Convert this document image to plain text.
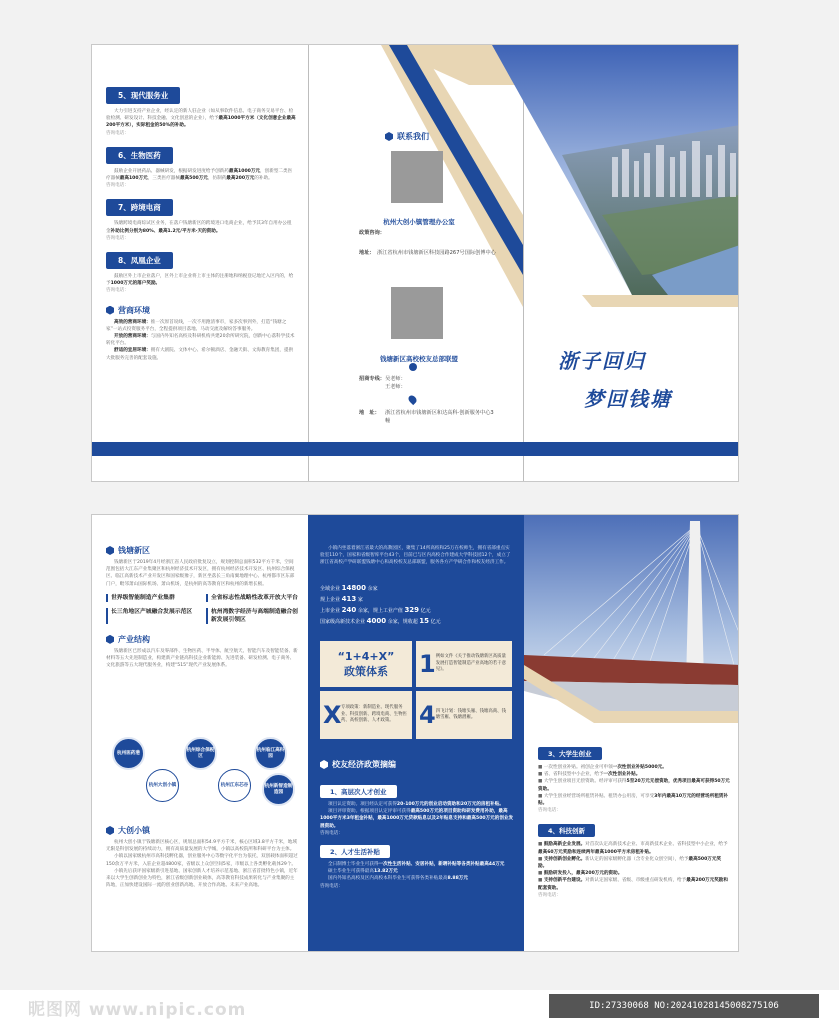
5、现代服务业
大力引进支持产业企业，经认定的新人驻企业（如从事软件信息、电子商务交易平台、检验检测、研发设计、科技金融、文化创意的企业），给予最高1000平方米（文化创意企业最高200平方米），实际租金的50%的补助。
咨询电话：
6、生物医药
鼓励企业开展药品、器械研发，根据研发进度给予创新药最高1000万元，创新型二类医疗器械最高100万元，三类医疗器械最高500万元，仿制药最高200万元的补助。
咨询电话：
7、跨境电商
钱塘跨境电商综试区业务，在落户钱塘新区的跨境进口电商企业，给予其3年自用办公租金补助比例分别为80%、最高1.2元/平方米·天的资助。
咨询电话：
8、凤凰企业
鼓励区外上市企业落户，区外上市企业将上市主体的注册地和纳税登记地迁入区内的，给予1000万元的落户奖励。
咨询电话：
营商环境
高效的营商环境：推一次原首说线，一次不用跑清事市，家多次事到外，打造“钱塘之家”一站式投资服务平台，全程提供项目落地、马动交流及解纷答事服务。
开放的营商环境：与国内外知名高校及科研机构共建20余所研究院，创新中心落科学技术转化平台。
舒适的宜居环境：拥有大剧院、文体中心、希尔顿酒店、金融天街、文海教育集团，提供大批服务完善的配套设施。
联系我们
杭州大创小镇管理办公室
政策咨询：
地址： 浙江省杭州市钱塘新区科技园路267号国际创博中心
钱塘新区高校校友总部联盟
招商专线： 吴老师：
王老师：
地　址：	浙江省杭州市钱塘新区和达高科·创新服务中心3幢
浙子回归
梦回钱塘
钱塘新区
钱塘新区于2019年4月经浙江省人民政府批复设立，规划控制总面积532平方千米，空间范围包括大江东产业集聚区和杭州经济技术开发区，拥有杭州经济技术开发区、杭州综合保税区、临江高新技术产业开发区和国家级豫子，新区坐落长三角南翼地理中心、杭州都市区东部门户，毗邻萧山国际机场、萧山机场，是杭州的高等教育区和杭州的新增长极。
世界级智能制造产业集群	全省标志性战略性改革开放大平台
长三角地区产城融合发展示范区	杭州湾数字经济与高端制造融合创新发展引领区
产业结构
钱塘新区已形成以汽车及零部件、生物医药、半导体、航空航天、智能汽车及智能装备、新材料等五大先进制造业，构建新产业链高科技企业新能源、先进装备、研发检测、电子商务、文化旅游等五大现代服务业，构建“515”现代产业发展体系。
杭州医药港
杭州大创小镇
杭州综合保税区
杭州江东芯谷
杭州临江高科园
杭州新智造制造园
大创小镇
杭州大创小镇于钱塘新区核心区，规划总面积54.9平方千米，核心区域3.8平方千米，地域无限是科创发展的持续动力，拥有高质量发展的大学城，小镇以高校院所和科研平台为主体。
小镇以国家级杭州市高科技孵化器，创业服务中心等数字化平台为依托，双创载体面积超过150余万平方米，入驻企业超4800家，省级以上众创空间5家，市级以上各类孵化载体29个。
小镇先后获评国家级新引进基地、国家创新人才培养示范基地、浙江省首批特色小镇，近年来以大学生创新创业为特色，浙江省级创新创业载体，高等教育科技成果转化与产业集聚的主阵地，正加快建设国际一流的创业创新高地、开放合作高地、未来产业高地。
小镇内坐落着浙江省最大的高教园区，聚集了14所高校和25万在校师生，拥有省部重点实验室110个，国家和省级智库平台43个，目前已与区内高校合作建成大学科技园12个，成立了浙江省高校产学研联盟钱塘中心和高校校友总部联盟，服务各方产学研合作和校友经济工作。
全域企业 14800 余家
规上企业 413 家
上市企业 240 余家，规上工业产值 329 亿元
国家级高新技术企业 4000 余家，规收超 15 亿元
“1+4+X”
政策体系 1 例如文件《关于推动钱塘新区高质量发展打造智能制造产业高地的若干意见》。
X 专项政策：新制造业、现代服务业、科技创新、跨境电商、生物医药、高校创新、人才政策。	4 四飞计划：钱塘头雁、钱塘高商、钱塘雪雁、钱塘潜雁。
校友经济政策摘编
1、高层次人才创业
项目认定资助。项目经认定可获得20-100万元的创业启动资助和20万元的房租补贴。
项目评审资助。根据项目认定评审可获得最高500万元的项目资助和研发费用补助，最高1000平方米3年租金补贴，最高1000万元贷款贴息以及2年贴息支持和最高500万元的创业发展资助。
咨询电话：
2、人才生活补贴
全日制博士毕业生可获得一次性生活补贴、安居补贴，新聘补贴等各类补贴最高44万元
硕士毕业生可获得最高13.82万元
国内外知名高校及区内高校本科毕业生可获得各类补贴最高8.88万元
咨询电话：
3、大学生创业
■ 一次性创业补贴。初创企业可申领一次性创业补贴5000元。
■ 省、省科技型中小企业，给予一次性创业补贴。
■ 大学生创业项目无偿资助。经评审可获得5至20万元无偿资助，优秀项目最高可获得50万元资助。
■ 大学生创业经营场所租赁补贴。租赁办公用房，可享受3年内最高10万元的经营场所租赁补贴。
咨询电话：
4、科技创新
■ 鼓励高新企业发展。对首次认定高新技术企业、市高新技术企业、省科技型中小企业，给予最高60万元奖励和连续两年最高1000平方米房租补贴。
■ 支持创新创业孵化。新认定的国家级孵化器（含专业化众创空间），给予最高500万元奖励。
■ 鼓励研发投入，最高200万元的资助。
■ 支持创新平台建设。对新认定国家级、省级、市级重点研发机构，给予最高200万元奖励和配套资助。
咨询电话：
昵图网 www.nipic.com	ID:27330068 NO:20241028145008275106
